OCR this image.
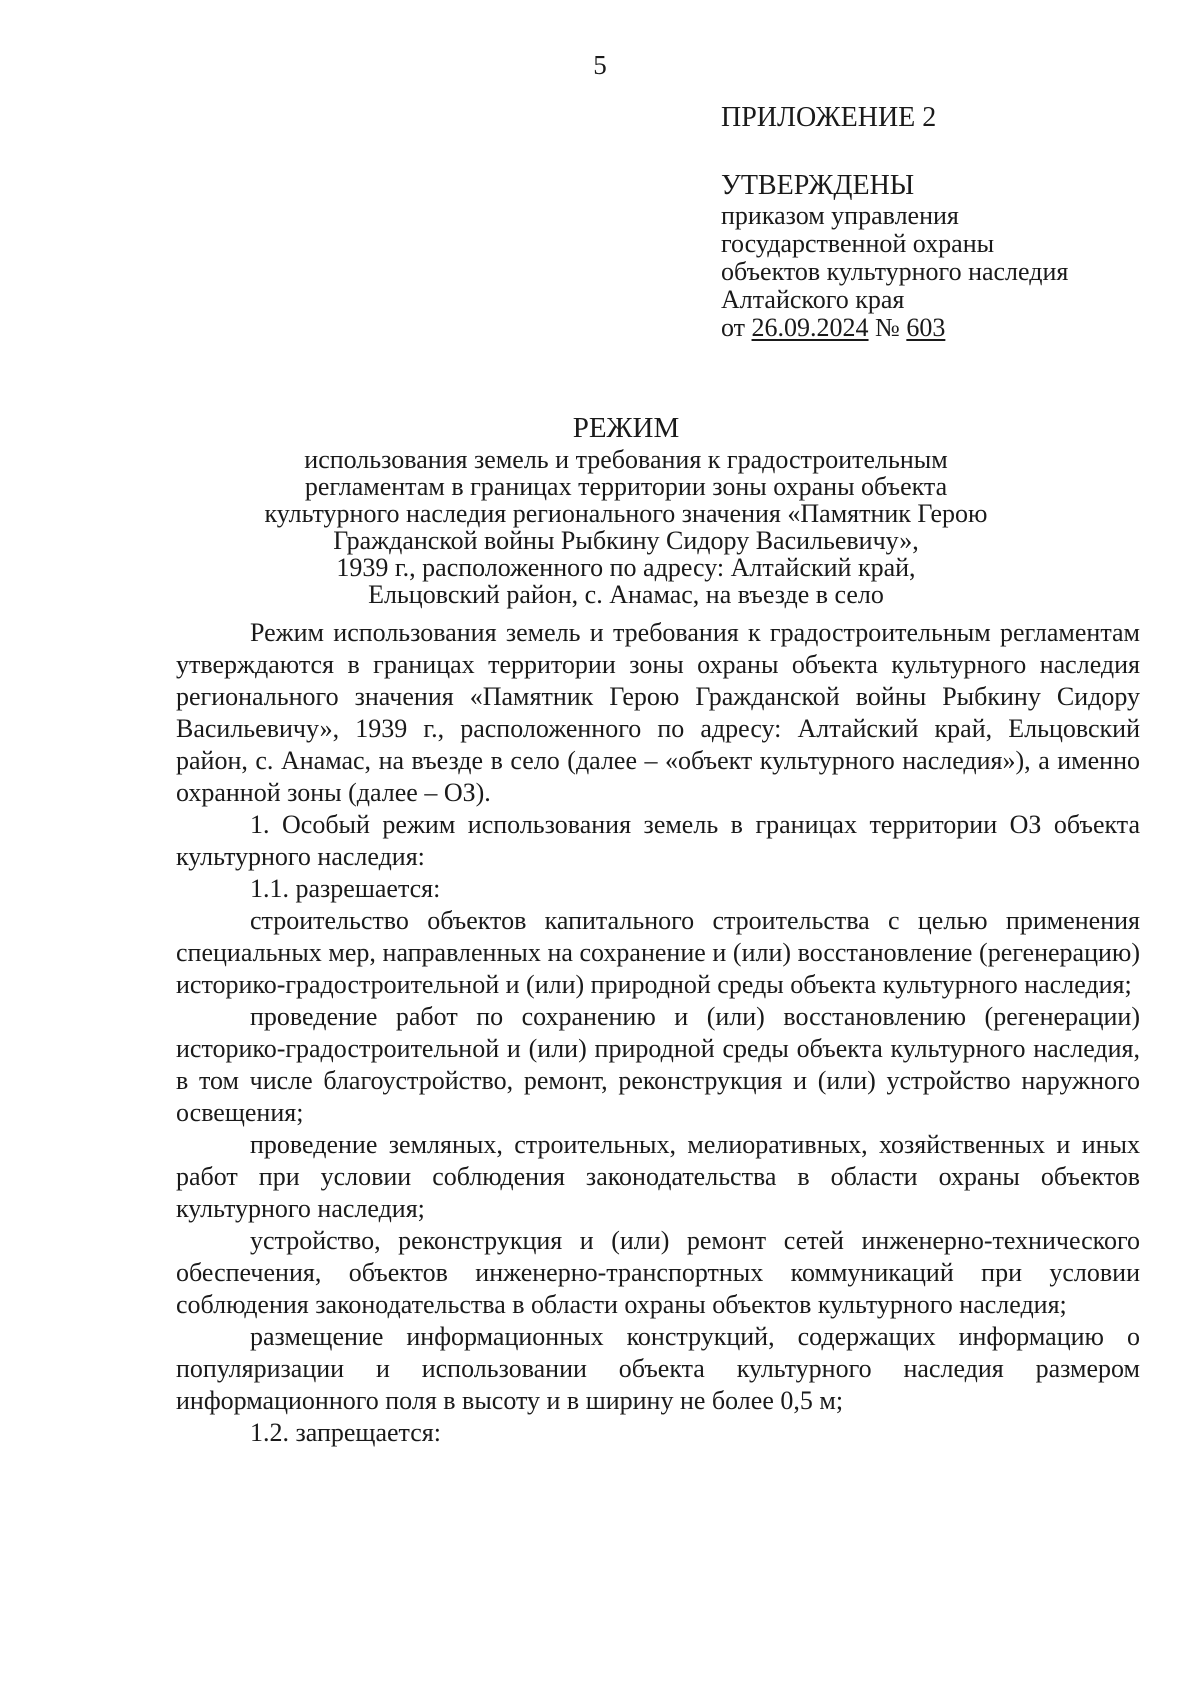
5
ПРИЛОЖЕНИЕ 2
УТВЕРЖДЕНЫ
приказом управления
государственной охраны
объектов культурного наследия
Алтайского края
от 26.09.2024 № 603
РЕЖИМ
использования земель и требования к градостроительным
регламентам в границах территории зоны охраны объекта
культурного наследия регионального значения «Памятник Герою
Гражданской войны Рыбкину Сидору Васильевичу»,
1939 г., расположенного по адресу: Алтайский край,
Ельцовский район, с. Анамас, на въезде в село

Режим использования земель и требования к градостроительным регламентам утверждаются в границах территории зоны охраны объекта культурного наследия регионального значения «Памятник Герою Гражданской войны Рыбкину Сидору Васильевичу», 1939 г., расположенного по адресу: Алтайский край, Ельцовский район, с. Анамас, на въезде в село (далее – «объект культурного наследия»), а именно охранной зоны (далее – ОЗ).

1. Особый режим использования земель в границах территории ОЗ объекта культурного наследия:

1.1. разрешается:

строительство объектов капитального строительства с целью применения специальных мер, направленных на сохранение и (или) восстановление (регенерацию) историко-градостроительной и (или) природной среды объекта культурного наследия;

проведение работ по сохранению и (или) восстановлению (регенерации) историко-градостроительной и (или) природной среды объекта культурного наследия, в том числе благоустройство, ремонт, реконструкция и (или) устройство наружного освещения;

проведение земляных, строительных, мелиоративных, хозяйственных и иных работ при условии соблюдения законодательства в области охраны объектов культурного наследия;

устройство, реконструкция и (или) ремонт сетей инженерно-технического обеспечения, объектов инженерно-транспортных коммуникаций при условии соблюдения законодательства в области охраны объектов культурного наследия;

размещение информационных конструкций, содержащих информацию о популяризации и использовании объекта культурного наследия размером информационного поля в высоту и в ширину не более 0,5 м;

1.2. запрещается:
